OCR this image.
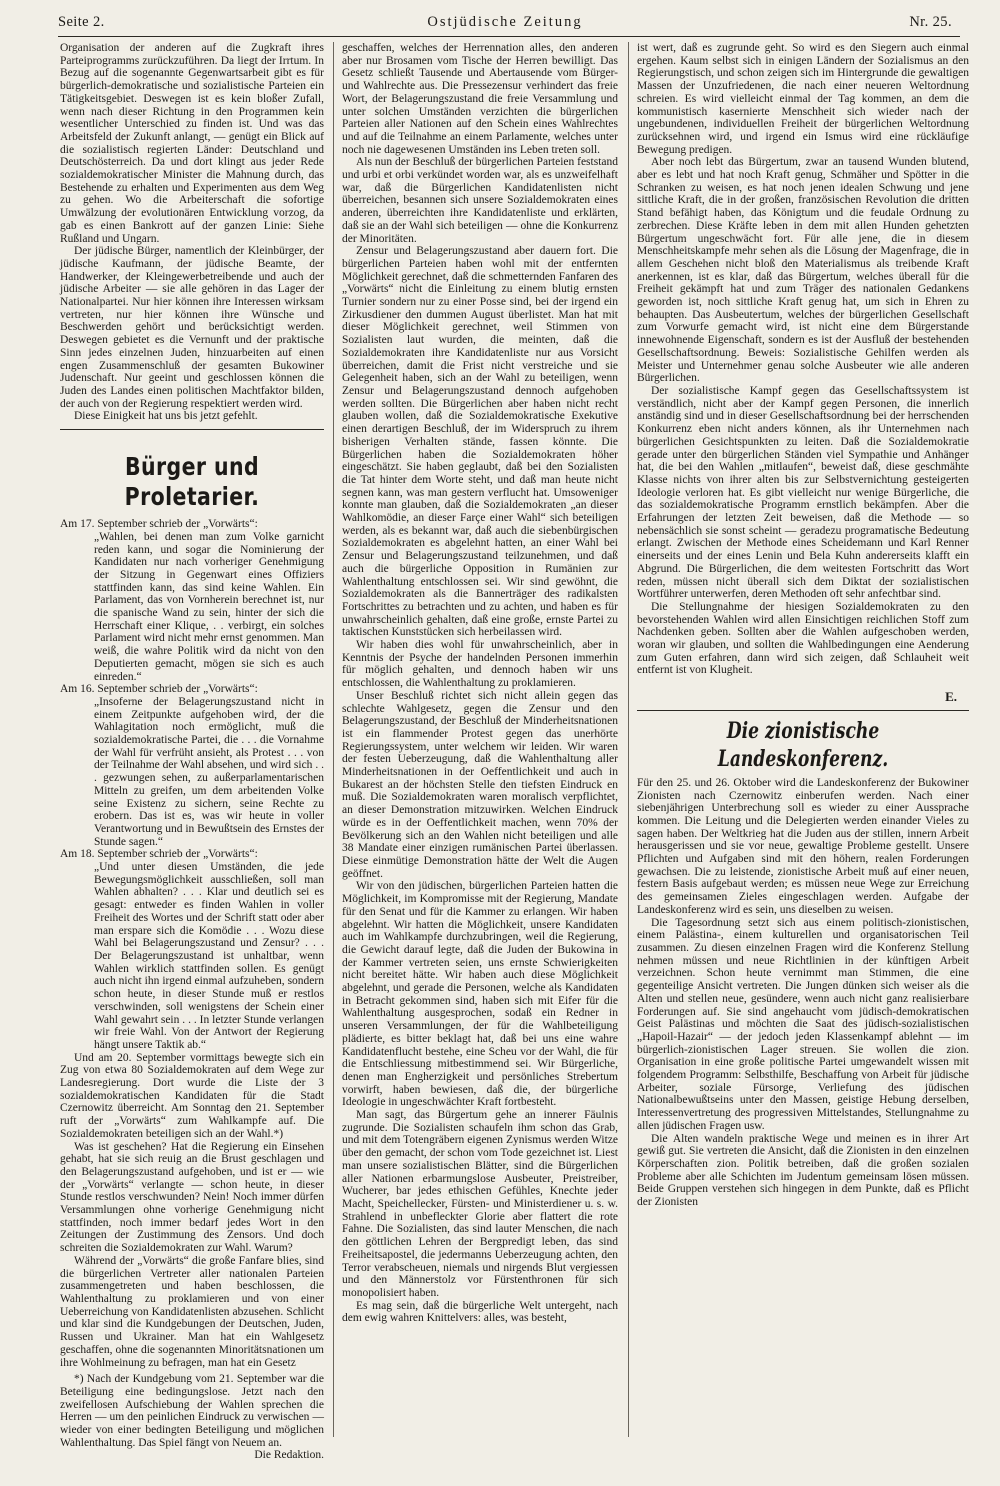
Seite 2.	Ostjüdische Zeitung	Nr. 25.

Organisation der anderen auf die Zugkraft ihres Parteiprogramms zurückzuführen. Da liegt der Irrtum. In Bezug auf die sogenannte Gegenwartsarbeit gibt es für bürgerlich-demokratische und sozialistische Parteien ein Tätigkeitsgebiet. Deswegen ist es kein bloßer Zufall, wenn nach dieser Richtung in den Programmen kein wesentlicher Unterschied zu finden ist. Und was das Arbeitsfeld der Zukunft anlangt, — genügt ein Blick auf die sozialistisch regierten Länder: Deutschland und Deutschösterreich. Da und dort klingt aus jeder Rede sozialdemokratischer Minister die Mahnung durch, das Bestehende zu erhalten und Experimenten aus dem Weg zu gehen. Wo die Arbeiterschaft die sofortige Umwälzung der evolutionären Entwicklung vorzog, da gab es einen Bankrott auf der ganzen Linie: Siehe Rußland und Ungarn.

Der jüdische Bürger, namentlich der Kleinbürger, der jüdische Kaufmann, der jüdische Beamte, der Handwerker, der Kleingewerbetreibende und auch der jüdische Arbeiter — sie alle gehören in das Lager der Nationalpartei. Nur hier können ihre Interessen wirksam vertreten, nur hier können ihre Wünsche und Beschwerden gehört und berücksichtigt werden. Deswegen gebietet es die Vernunft und der praktische Sinn jedes einzelnen Juden, hinzuarbeiten auf einen engen Zusammenschluß der gesamten Bukowiner Judenschaft. Nur geeint und geschlossen können die Juden des Landes einen politischen Machtfaktor bilden, der auch von der Regierung respektiert werden wird.

Diese Einigkeit hat uns bis jetzt gefehlt.

Bürger und Proletarier.

Am 17. September schrieb der „Vorwärts“:

„Wahlen, bei denen man zum Volke garnicht reden kann, und sogar die Nominierung der Kandidaten nur nach vorheriger Genehmigung der Sitzung in Gegenwart eines Offiziers stattfinden kann, das sind keine Wahlen. Ein Parlament, das von Vornherein berechnet ist, nur die spanische Wand zu sein, hinter der sich die Herrschaft einer Klique, . . verbirgt, ein solches Parlament wird nicht mehr ernst genommen. Man weiß, die wahre Politik wird da nicht von den Deputierten gemacht, mögen sie sich es auch einreden.“

Am 16. September schrieb der „Vorwärts“:

„Insoferne der Belagerungszustand nicht in einem Zeitpunkte aufgehoben wird, der die Wahlagitation noch ermöglicht, muß die sozialdemokratische Partei, die . . . die Vornahme der Wahl für verfrüht ansieht, als Protest . . . von der Teilnahme der Wahl absehen, und wird sich . . . gezwungen sehen, zu außerparlamentarischen Mitteln zu greifen, um dem arbeitenden Volke seine Existenz zu sichern, seine Rechte zu erobern. Das ist es, was wir heute in voller Verantwortung und in Bewußtsein des Ernstes der Stunde sagen.“

Am 18. September schrieb der „Vorwärts“:

„Und unter diesen Umständen, die jede Bewegungsmöglichkeit ausschließen, soll man Wahlen abhalten? . . . Klar und deutlich sei es gesagt: entweder es finden Wahlen in voller Freiheit des Wortes und der Schrift statt oder aber man erspare sich die Komödie . . . Wozu diese Wahl bei Belagerungszustand und Zensur? . . . Der Belagerungszustand ist unhaltbar, wenn Wahlen wirklich stattfinden sollen. Es genügt auch nicht ihn irgend einmal aufzuheben, sondern schon heute, in dieser Stunde muß er restlos verschwinden, soll wenigstens der Schein einer Wahl gewahrt sein . . . In letzter Stunde verlangen wir freie Wahl. Von der Antwort der Regierung hängt unsere Taktik ab.“

Und am 20. September vormittags bewegte sich ein Zug von etwa 80 Sozialdemokraten auf dem Wege zur Landesregierung. Dort wurde die Liste der 3 sozialdemokratischen Kandidaten für die Stadt Czernowitz überreicht. Am Sonntag den 21. September ruft der „Vorwärts“ zum Wahlkampfe auf. Die Sozialdemokraten beteiligen sich an der Wahl.*)

Was ist geschehen? Hat die Regierung ein Einsehen gehabt, hat sie sich reuig an die Brust geschlagen und den Belagerungszustand aufgehoben, und ist er — wie der „Vorwärts“ verlangte — schon heute, in dieser Stunde restlos verschwunden? Nein! Noch immer dürfen Versammlungen ohne vorherige Genehmigung nicht stattfinden, noch immer bedarf jedes Wort in den Zeitungen der Zustimmung des Zensors. Und doch schreiten die Sozialdemokraten zur Wahl. Warum?

Während der „Vorwärts“ die große Fanfare blies, sind die bürgerlichen Vertreter aller nationalen Parteien zusammengetreten und haben beschlossen, die Wahlenthaltung zu proklamieren und von einer Ueberreichung von Kandidatenlisten abzusehen. Schlicht und klar sind die Kundgebungen der Deutschen, Juden, Russen und Ukrainer. Man hat ein Wahlgesetz geschaffen, ohne die sogenannten Minoritätsnationen um ihre Wohlmeinung zu befragen, man hat ein Gesetz

*) Nach der Kundgebung vom 21. September war die Beteiligung eine bedingungslose. Jetzt nach den zweifellosen Aufschiebung der Wahlen sprechen die Herren — um den peinlichen Eindruck zu verwischen — wieder von einer bedingten Beteiligung und möglichen Wahlenthaltung. Das Spiel fängt von Neuem an.

Die Redaktion.

geschaffen, welches der Herrennation alles, den anderen aber nur Brosamen vom Tische der Herren bewilligt. Das Gesetz schließt Tausende und Abertausende vom Bürger- und Wahlrechte aus. Die Pressezensur verhindert das freie Wort, der Belagerungszustand die freie Versammlung und unter solchen Umständen verzichten die bürgerlichen Parteien aller Nationen auf den Schein eines Wahlrechtes und auf die Teilnahme an einem Parlamente, welches unter noch nie dagewesenen Umständen ins Leben treten soll.

Als nun der Beschluß der bürgerlichen Parteien feststand und urbi et orbi verkündet worden war, als es unzweifelhaft war, daß die Bürgerlichen Kandidatenlisten nicht überreichen, besannen sich unsere Sozialdemokraten eines anderen, überreichten ihre Kandidatenliste und erklärten, daß sie an der Wahl sich beteiligen — ohne die Konkurrenz der Minoritäten.

Zensur und Belagerungszustand aber dauern fort. Die bürgerlichen Parteien haben wohl mit der entfernten Möglichkeit gerechnet, daß die schmetternden Fanfaren des „Vorwärts“ nicht die Einleitung zu einem blutig ernsten Turnier sondern nur zu einer Posse sind, bei der irgend ein Zirkusdiener den dummen August überlistet. Man hat mit dieser Möglichkeit gerechnet, weil Stimmen von Sozialisten laut wurden, die meinten, daß die Sozialdemokraten ihre Kandidatenliste nur aus Vorsicht überreichen, damit die Frist nicht verstreiche und sie Gelegenheit haben, sich an der Wahl zu beteiligen, wenn Zensur und Belagerungszustand dennoch aufgehoben werden sollten. Die Bürgerlichen aber haben nicht recht glauben wollen, daß die Sozialdemokratische Exekutive einen derartigen Beschluß, der im Widerspruch zu ihrem bisherigen Verhalten stände, fassen könnte. Die Bürgerlichen haben die Sozialdemokraten höher eingeschätzt. Sie haben geglaubt, daß bei den Sozialisten die Tat hinter dem Worte steht, und daß man heute nicht segnen kann, was man gestern verflucht hat. Umsoweniger konnte man glauben, daß die Sozialdemokraten „an dieser Wahlkomödie, an dieser Farçe einer Wahl“ sich beteiligen werden, als es bekannt war, daß auch die siebenbürgischen Sozialdemokraten es abgelehnt hatten, an einer Wahl bei Zensur und Belagerungszustand teilzunehmen, und daß auch die bürgerliche Opposition in Rumänien zur Wahlenthaltung entschlossen sei. Wir sind gewöhnt, die Sozialdemokraten als die Bannerträger des radikalsten Fortschrittes zu betrachten und zu achten, und haben es für unwahrscheinlich gehalten, daß eine große, ernste Partei zu taktischen Kunststücken sich herbeilassen wird.

Wir haben dies wohl für unwahrscheinlich, aber in Kenntnis der Psyche der handelnden Personen immerhin für möglich gehalten, und dennoch haben wir uns entschlossen, die Wahlenthaltung zu proklamieren.

Unser Beschluß richtet sich nicht allein gegen das schlechte Wahlgesetz, gegen die Zensur und den Belagerungszustand, der Beschluß der Minderheitsnationen ist ein flammender Protest gegen das unerhörte Regierungssystem, unter welchem wir leiden. Wir waren der festen Ueberzeugung, daß die Wahlenthaltung aller Minderheitsnationen in der Oeffentlichkeit und auch in Bukarest an der höchsten Stelle den tiefsten Eindruck en muß. Die Sozialdemokraten waren moralisch verpflichtet, an dieser Demonstration mitzuwirken. Welchen Eindruck würde es in der Oeffentlichkeit machen, wenn 70% der Bevölkerung sich an den Wahlen nicht beteiligen und alle 38 Mandate einer einzigen rumänischen Partei überlassen. Diese einmütige Demonstration hätte der Welt die Augen geöffnet.

Wir von den jüdischen, bürgerlichen Parteien hatten die Möglichkeit, im Kompromisse mit der Regierung, Mandate für den Senat und für die Kammer zu erlangen. Wir haben abgelehnt. Wir hatten die Möglichkeit, unsere Kandidaten auch im Wahlkampfe durchzubringen, weil die Regierung, die Gewicht darauf legte, daß die Juden der Bukowina in der Kammer vertreten seien, uns ernste Schwierigkeiten nicht bereitet hätte. Wir haben auch diese Möglichkeit abgelehnt, und gerade die Personen, welche als Kandidaten in Betracht gekommen sind, haben sich mit Eifer für die Wahlenthaltung ausgesprochen, sodaß ein Redner in unseren Versammlungen, der für die Wahlbeteiligung plädierte, es bitter beklagt hat, daß bei uns eine wahre Kandidatenflucht bestehe, eine Scheu vor der Wahl, die für die Entschliessung mitbestimmend sei. Wir Bürgerliche, denen man Engherzigkeit und persönliches Strebertum vorwirft, haben bewiesen, daß die, der bürgerliche Ideologie in ungeschwächter Kraft fortbesteht.

Man sagt, das Bürgertum gehe an innerer Fäulnis zugrunde. Die Sozialisten schaufeln ihm schon das Grab, und mit dem Totengräbern eigenen Zynismus werden Witze über den gemacht, der schon vom Tode gezeichnet ist. Liest man unsere sozialistischen Blätter, sind die Bürgerlichen aller Nationen erbarmungslose Ausbeuter, Preistreiber, Wucherer, bar jedes ethischen Gefühles, Knechte jeder Macht, Speichellecker, Fürsten- und Ministerdiener u. s. w. Strahlend in unbefleckter Glorie aber flattert die rote Fahne. Die Sozialisten, das sind lauter Menschen, die nach den göttlichen Lehren der Bergpredigt leben, das sind Freiheitsapostel, die jedermanns Ueberzeugung achten, den Terror verabscheuen, niemals und nirgends Blut vergiessen und den Männerstolz vor Fürstenthronen für sich monopolisiert haben.

Es mag sein, daß die bürgerliche Welt untergeht, nach dem ewig wahren Knittelvers: alles, was besteht,

ist wert, daß es zugrunde geht. So wird es den Siegern auch einmal ergehen. Kaum selbst sich in einigen Ländern der Sozialismus an den Regierungstisch, und schon zeigen sich im Hintergrunde die gewaltigen Massen der Unzufriedenen, die nach einer neueren Weltordnung schreien. Es wird vielleicht einmal der Tag kommen, an dem die kommunistisch kasernierte Menschheit sich wieder nach der ungebundenen, individuellen Freiheit der bürgerlichen Weltordnung zurücksehnen wird, und irgend ein Ismus wird eine rückläufige Bewegung predigen.

Aber noch lebt das Bürgertum, zwar an tausend Wunden blutend, aber es lebt und hat noch Kraft genug, Schmäher und Spötter in die Schranken zu weisen, es hat noch jenen idealen Schwung und jene sittliche Kraft, die in der großen, französischen Revolution die dritten Stand befähigt haben, das Königtum und die feudale Ordnung zu zerbrechen. Diese Kräfte leben in dem mit allen Hunden gehetzten Bürgertum ungeschwächt fort. Für alle jene, die in diesem Menschheitskampfe mehr sehen als die Lösung der Magenfrage, die in allem Geschehen nicht bloß den Materialismus als treibende Kraft anerkennen, ist es klar, daß das Bürgertum, welches überall für die Freiheit gekämpft hat und zum Träger des nationalen Gedankens geworden ist, noch sittliche Kraft genug hat, um sich in Ehren zu behaupten. Das Ausbeutertum, welches der bürgerlichen Gesellschaft zum Vorwurfe gemacht wird, ist nicht eine dem Bürgerstande innewohnende Eigenschaft, sondern es ist der Ausfluß der bestehenden Gesellschaftsordnung. Beweis: Sozialistische Gehilfen werden als Meister und Unternehmer genau solche Ausbeuter wie alle anderen Bürgerlichen.

Der sozialistische Kampf gegen das Gesellschaftssystem ist verständlich, nicht aber der Kampf gegen Personen, die innerlich anständig sind und in dieser Gesellschaftsordnung bei der herrschenden Konkurrenz eben nicht anders können, als ihr Unternehmen nach bürgerlichen Gesichtspunkten zu leiten. Daß die Sozialdemokratie gerade unter den bürgerlichen Ständen viel Sympathie und Anhänger hat, die bei den Wahlen „mitlaufen“, beweist daß, diese geschmähte Klasse nichts von ihrer alten bis zur Selbstvernichtung gesteigerten Ideologie verloren hat. Es gibt vielleicht nur wenige Bürgerliche, die das sozialdemokratische Programm ernstlich bekämpfen. Aber die Erfahrungen der letzten Zeit beweisen, daß die Methode — so nebensächlich sie sonst scheint — geradezu programatische Bedeutung erlangt. Zwischen der Methode eines Scheidemann und Karl Renner einerseits und der eines Lenin und Bela Kuhn andererseits klafft ein Abgrund. Die Bürgerlichen, die dem weitesten Fortschritt das Wort reden, müssen nicht überall sich dem Diktat der sozialistischen Wortführer unterwerfen, deren Methoden oft sehr anfechtbar sind.

Die Stellungnahme der hiesigen Sozialdemokraten zu den bevorstehenden Wahlen wird allen Einsichtigen reichlichen Stoff zum Nachdenken geben. Sollten aber die Wahlen aufgeschoben werden, woran wir glauben, und sollten die Wahlbedingungen eine Aenderung zum Guten erfahren, dann wird sich zeigen, daß Schlauheit weit entfernt ist von Klugheit.

E.
Die zionistische Landeskonferenz.

Für den 25. und 26. Oktober wird die Landeskonferenz der Bukowiner Zionisten nach Czernowitz einberufen werden. Nach einer siebenjährigen Unterbrechung soll es wieder zu einer Aussprache kommen. Die Leitung und die Delegierten werden einander Vieles zu sagen haben. Der Weltkrieg hat die Juden aus der stillen, innern Arbeit herausgerissen und sie vor neue, gewaltige Probleme gestellt. Unsere Pflichten und Aufgaben sind mit den höhern, realen Forderungen gewachsen. Die zu leistende, zionistische Arbeit muß auf einer neuen, festern Basis aufgebaut werden; es müssen neue Wege zur Erreichung des gemeinsamen Zieles eingeschlagen werden. Aufgabe der Landeskonferenz wird es sein, uns dieselben zu weisen.

Die Tagesordnung setzt sich aus einem politisch-zionistischen, einem Palästina-, einem kulturellen und organisatorischen Teil zusammen. Zu diesen einzelnen Fragen wird die Konferenz Stellung nehmen müssen und neue Richtlinien in der künftigen Arbeit verzeichnen. Schon heute vernimmt man Stimmen, die eine gegenteilige Ansicht vertreten. Die Jungen dünken sich weiser als die Alten und stellen neue, gesündere, wenn auch nicht ganz realisierbare Forderungen auf. Sie sind angehaucht vom jüdisch-demokratischen Geist Palästinas und möchten die Saat des jüdisch-sozialistischen „Hapoil-Hazair“ — der jedoch jeden Klassenkampf ablehnt — im bürgerlich-zionistischen Lager streuen. Sie wollen die zion. Organisation in eine große politische Partei umgewandelt wissen mit folgendem Programm: Selbsthilfe, Beschaffung von Arbeit für jüdische Arbeiter, soziale Fürsorge, Verliefung des jüdischen Nationalbewußtseins unter den Massen, geistige Hebung derselben, Interessenvertretung des progressiven Mittelstandes, Stellungnahme zu allen jüdischen Fragen usw.

Die Alten wandeln praktische Wege und meinen es in ihrer Art gewiß gut. Sie vertreten die Ansicht, daß die Zionisten in den einzelnen Körperschaften zion. Politik betreiben, daß die großen sozialen Probleme aber alle Schichten im Judentum gemeinsam lösen müssen. Beide Gruppen verstehen sich hingegen in dem Punkte, daß es Pflicht der Zionisten
